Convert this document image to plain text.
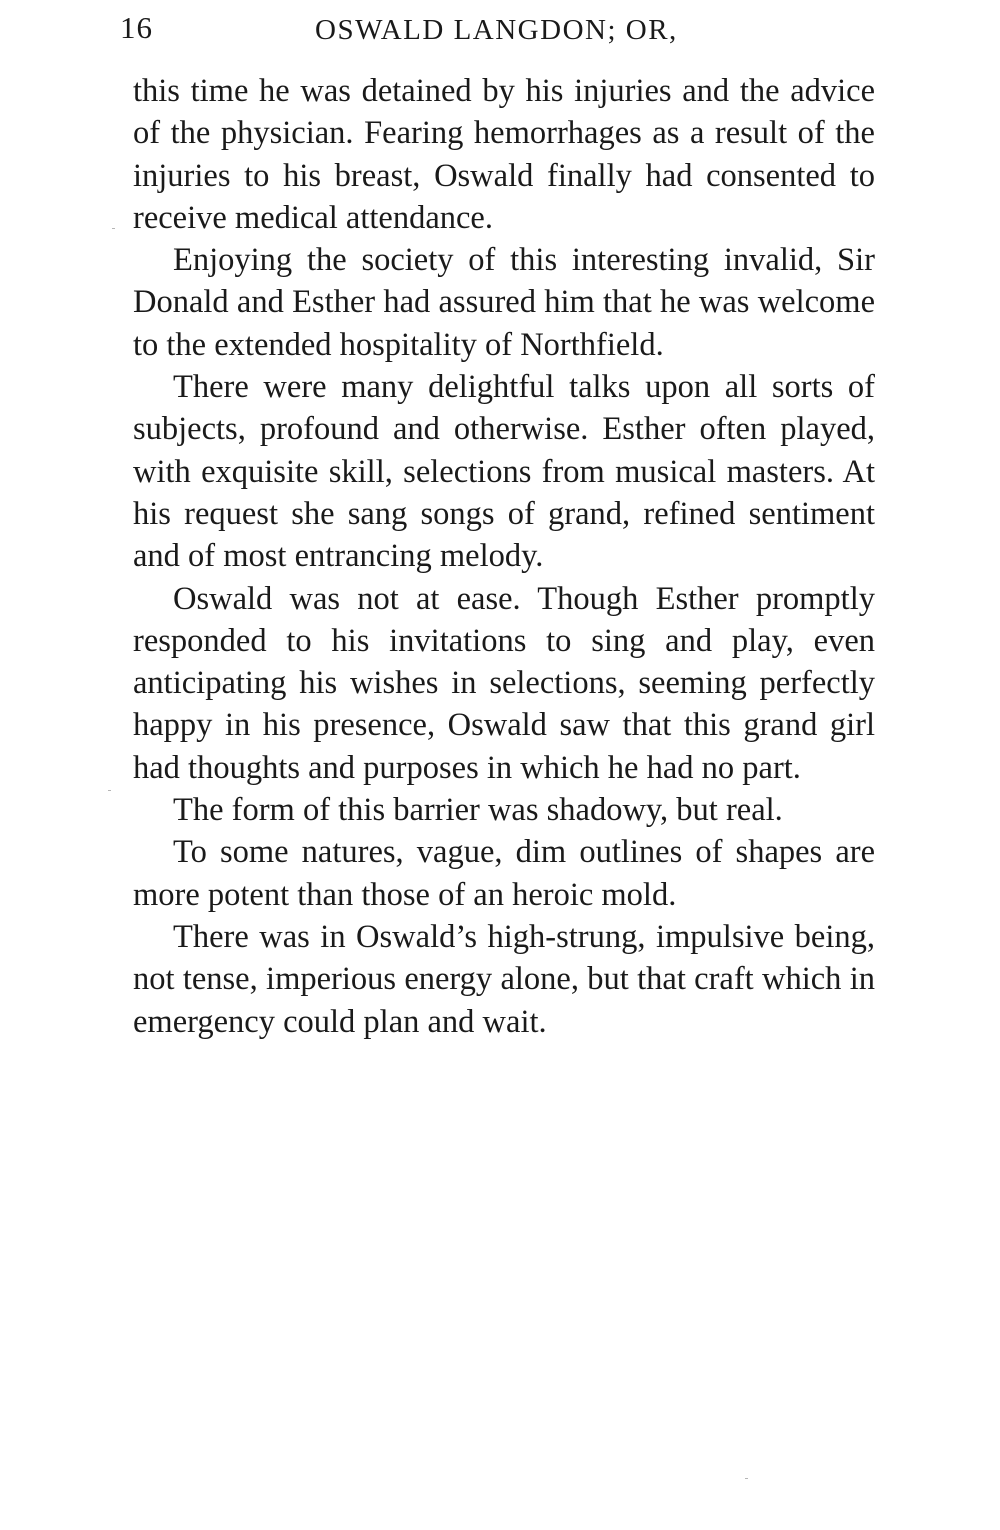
16	OSWALD LANGDON; OR,

this time he was detained by his injuries and the advice of the physician. Fearing hemorrhages as a result of the injuries to his breast, Oswald finally had consented to receive medical attendance.

Enjoying the society of this interesting invalid, Sir Donald and Esther had assured him that he was welcome to the extended hospitality of Northfield.

There were many delightful talks upon all sorts of subjects, profound and otherwise. Esther often played, with exquisite skill, selections from musical masters. At his request she sang songs of grand, refined sentiment and of most entrancing melody.

Oswald was not at ease. Though Esther promptly responded to his invitations to sing and play, even anticipating his wishes in selections, seeming perfectly happy in his presence, Oswald saw that this grand girl had thoughts and purposes in which he had no part.

The form of this barrier was shadowy, but real.

To some natures, vague, dim outlines of shapes are more potent than those of an heroic mold.

There was in Oswald’s high-strung, impulsive being, not tense, imperious energy alone, but that craft which in emergency could plan and wait.
